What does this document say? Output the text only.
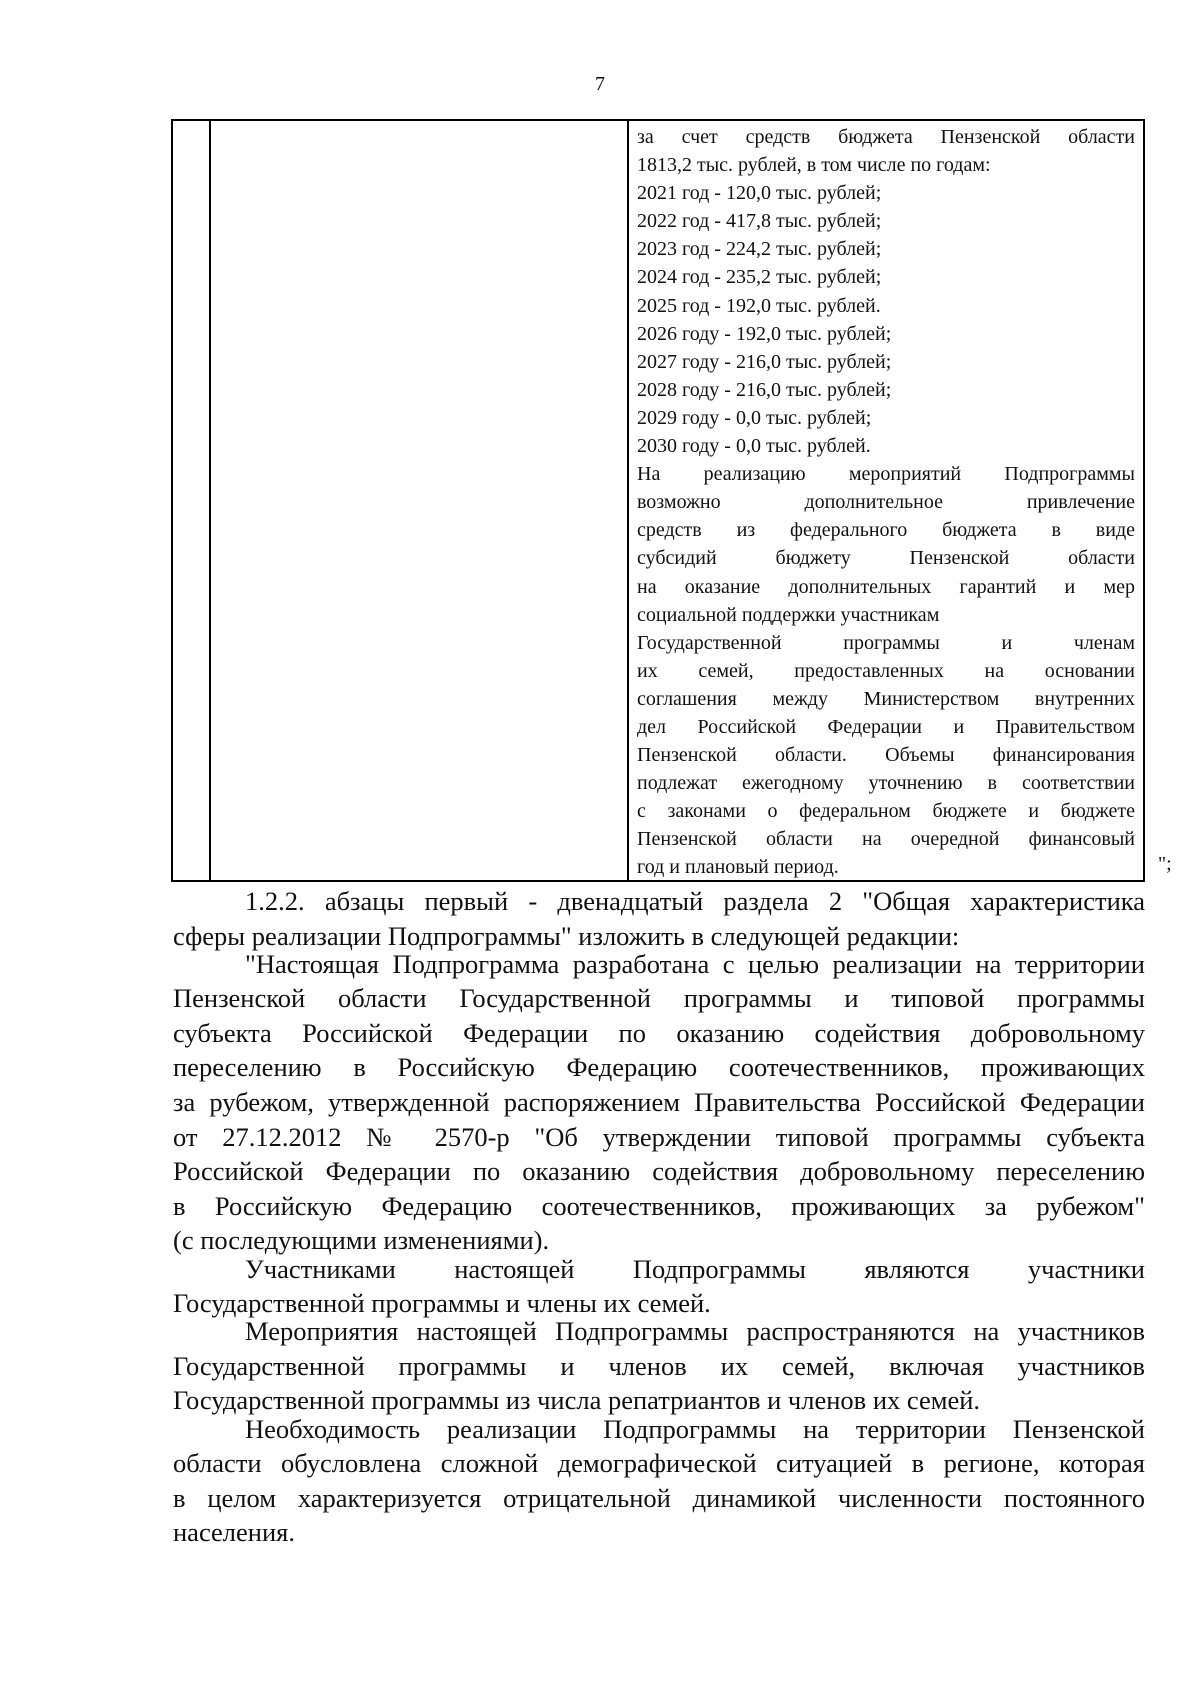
7
за счет средств бюджета Пензенской области
1813,2 тыс. рублей, в том числе по годам:
2021 год - 120,0 тыс. рублей;
2022 год - 417,8 тыс. рублей;
2023 год - 224,2 тыс. рублей;
2024 год - 235,2 тыс. рублей;
2025 год - 192,0 тыс. рублей.
2026 году - 192,0 тыс. рублей;
2027 году - 216,0 тыс. рублей;
2028 году - 216,0 тыс. рублей;
2029 году - 0,0 тыс. рублей;
2030 году - 0,0 тыс. рублей.
На реализацию мероприятий Подпрограммы
возможно дополнительное привлечение
средств из федерального бюджета в виде
субсидий бюджету Пензенской области
на оказание дополнительных гарантий и мер
социальной поддержки участникам
Государственной программы и членам
их семей, предоставленных на основании
соглашения между Министерством внутренних
дел Российской Федерации и Правительством
Пензенской области. Объемы финансирования
подлежат ежегодному уточнению в соответствии
с законами о федеральном бюджете и бюджете
Пензенской области на очередной финансовый
год и плановый период.	";
1.2.2. абзацы первый - двенадцатый раздела 2 "Общая характеристика
сферы реализации Подпрограммы" изложить в следующей редакции:
"Настоящая Подпрограмма разработана с целью реализации на территории
Пензенской области Государственной программы и типовой программы
субъекта Российской Федерации по оказанию содействия добровольному
переселению в Российскую Федерацию соотечественников, проживающих
за рубежом, утвержденной распоряжением Правительства Российской Федерации
от 27.12.2012 № 2570-р "Об утверждении типовой программы субъекта
Российской Федерации по оказанию содействия добровольному переселению
в Российскую Федерацию соотечественников, проживающих за рубежом"
(с последующими изменениями).
Участниками настоящей Подпрограммы являются участники
Государственной программы и члены их семей.
Мероприятия настоящей Подпрограммы распространяются на участников
Государственной программы и членов их семей, включая участников
Государственной программы из числа репатриантов и членов их семей.
Необходимость реализации Подпрограммы на территории Пензенской
области обусловлена сложной демографической ситуацией в регионе, которая
в целом характеризуется отрицательной динамикой численности постоянного
населения.
